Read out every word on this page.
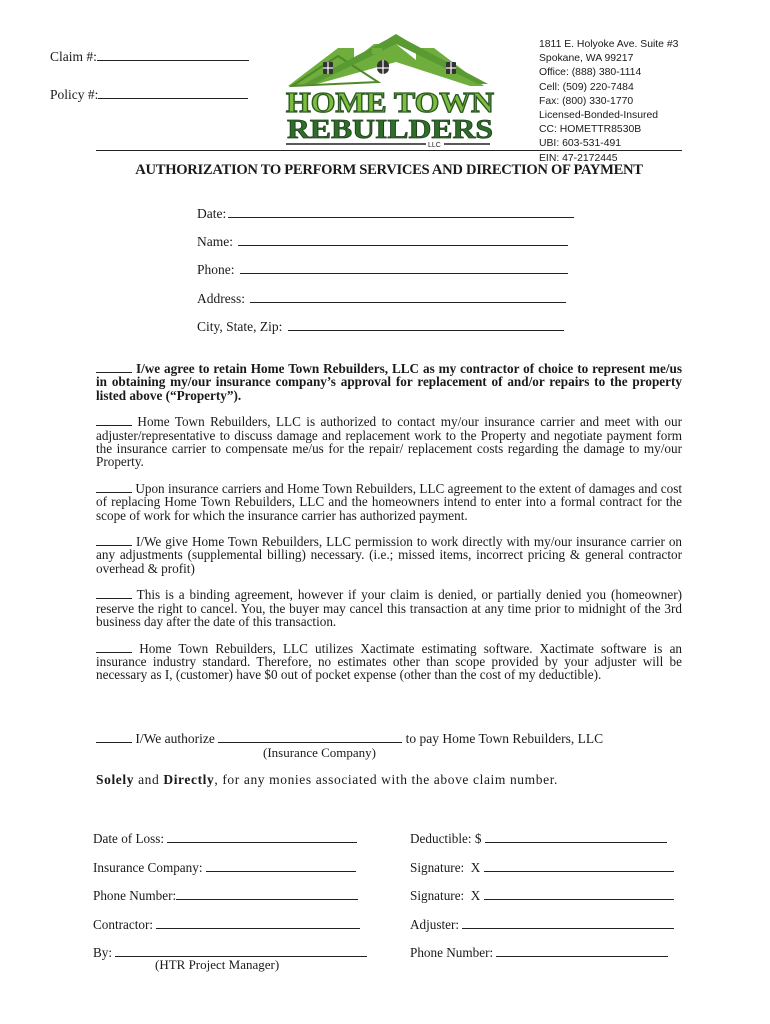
Claim #:
Policy #:	HOME TOWN
REBUILDERS
LLC
1811 E. Holyoke Ave. Suite #3
Spokane, WA 99217
Office: (888) 380-1114
Cell: (509) 220-7484
Fax: (800) 330-1770
Licensed-Bonded-Insured
CC: HOMETTR8530B
UBI: 603-531-491
EIN: 47-2172445
AUTHORIZATION TO PERFORM SERVICES AND DIRECTION OF PAYMENT
Date:
Name:
Phone:
Address:
City, State, Zip:

I/we agree to retain Home Town Rebuilders, LLC as my contractor of choice to represent me/us in obtaining my/our insurance company’s approval for replacement of and/or repairs to the property listed above (“Property”).

Home Town Rebuilders, LLC is authorized to contact my/our insurance carrier and meet with our adjuster/representative to discuss damage and replacement work to the Property and negotiate payment form the insurance carrier to compensate me/us for the repair/ replacement costs regarding the damage to my/our Property.

Upon insurance carriers and Home Town Rebuilders, LLC agreement to the extent of damages and cost of replacing Home Town Rebuilders, LLC and the homeowners intend to enter into a formal contract for the scope of work for which the insurance carrier has authorized payment.

I/We give Home Town Rebuilders, LLC permission to work directly with my/our insurance carrier on any adjustments (supplemental billing) necessary. (i.e.; missed items, incorrect pricing & general contractor overhead & profit)

This is a binding agreement, however if your claim is denied, or partially denied you (homeowner) reserve the right to cancel. You, the buyer may cancel this transaction at any time prior to midnight of the 3rd business day after the date of this transaction.

Home Town Rebuilders, LLC utilizes Xactimate estimating software. Xactimate software is an insurance industry standard. Therefore, no estimates other than scope provided by your adjuster will be necessary as I, (customer) have $0 out of pocket expense (other than the cost of my deductible).

I/We authorize	to pay Home Town Rebuilders, LLC
(Insurance Company)
Solely and Directly, for any monies associated with the above claim number.
Date of Loss:
Insurance Company:
Phone Number:
Contractor:
By:
(HTR Project Manager)
Deductible: $
Signature:  X
Signature:  X
Adjuster:
Phone Number:
